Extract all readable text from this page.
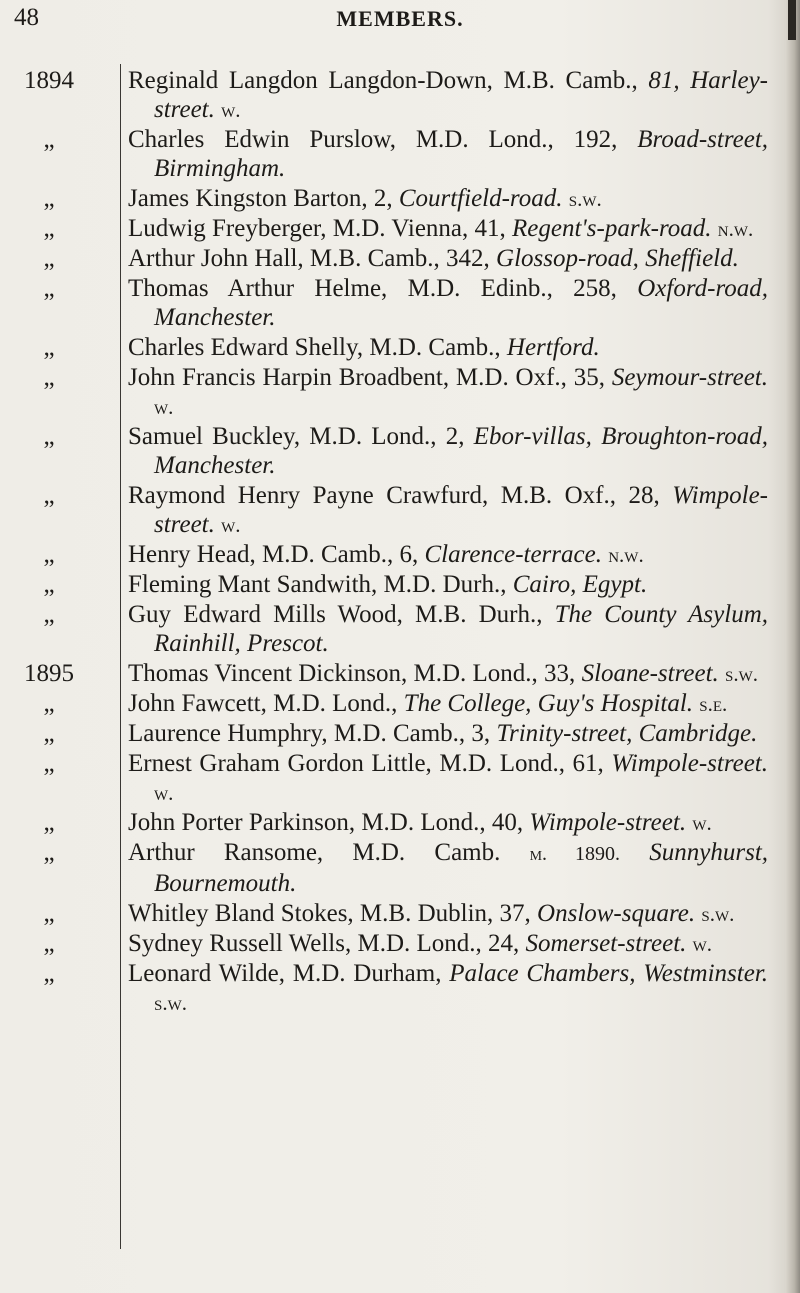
48	MEMBERS.
1894	Reginald Langdon Langdon-Down, M.B. Camb., 81, Harley-street. w.
„	Charles Edwin Purslow, M.D. Lond., 192, Broad-street, Birmingham.
„	James Kingston Barton, 2, Courtfield-road. s.w.
„	Ludwig Freyberger, M.D. Vienna, 41, Regent's-park-road. n.w.
„	Arthur John Hall, M.B. Camb., 342, Glossop-road, Sheffield.
„	Thomas Arthur Helme, M.D. Edinb., 258, Oxford-road, Manchester.
„	Charles Edward Shelly, M.D. Camb., Hertford.
„	John Francis Harpin Broadbent, M.D. Oxf., 35, Seymour-street. w.
„	Samuel Buckley, M.D. Lond., 2, Ebor-villas, Broughton-road, Manchester.
„	Raymond Henry Payne Crawfurd, M.B. Oxf., 28, Wimpole-street. w.
„	Henry Head, M.D. Camb., 6, Clarence-terrace. n.w.
„	Fleming Mant Sandwith, M.D. Durh., Cairo, Egypt.
„	Guy Edward Mills Wood, M.B. Durh., The County Asylum, Rainhill, Prescot.
1895	Thomas Vincent Dickinson, M.D. Lond., 33, Sloane-street. s.w.
„	John Fawcett, M.D. Lond., The College, Guy's Hospital. s.e.
„	Laurence Humphry, M.D. Camb., 3, Trinity-street, Cambridge.
„	Ernest Graham Gordon Little, M.D. Lond., 61, Wimpole-street. w.
„	John Porter Parkinson, M.D. Lond., 40, Wimpole-street. w.
„	Arthur Ransome, M.D. Camb. m. 1890. Sunnyhurst, Bournemouth.
„	Whitley Bland Stokes, M.B. Dublin, 37, Onslow-square. s.w.
„	Sydney Russell Wells, M.D. Lond., 24, Somerset-street. w.
„	Leonard Wilde, M.D. Durham, Palace Chambers, Westminster. s.w.
